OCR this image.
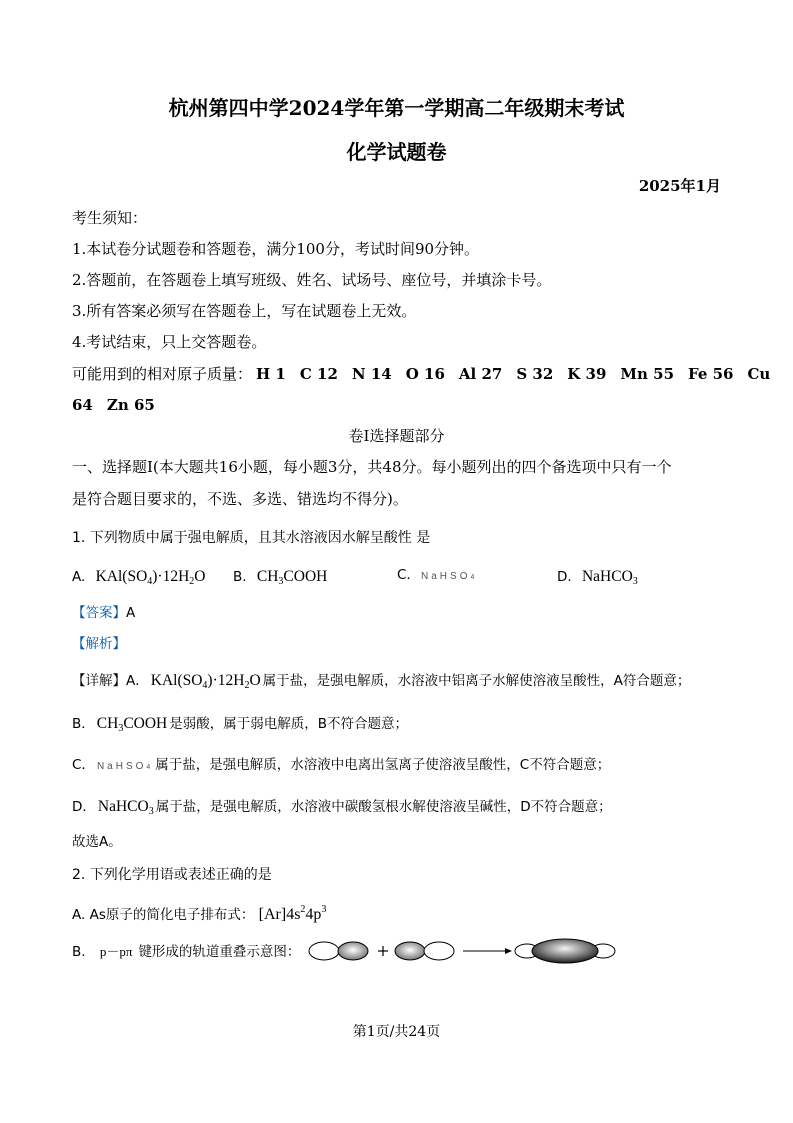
杭州第四中学2024学年第一学期高二年级期末考试
化学试题卷
2025年1月
考生须知：
1.本试卷分试题卷和答题卷，满分100分，考试时间90分钟。
2.答题前，在答题卷上填写班级、姓名、试场号、座位号，并填涂卡号。
3.所有答案必须写在答题卷上，写在试题卷上无效。
4.考试结束，只上交答题卷。
可能用到的相对原子质量： H 1 C 12 N 14 O 16 Al 27 S 32 K 39 Mn 55 Fe 56 Cu
64 Zn 65
卷I选择题部分
一、选择题I(本大题共16小题，每小题3分，共48分。每小题列出的四个备选项中只有一个
是符合题目要求的，不选、多选、错选均不得分)。
1. 下列物质中属于强电解质，且其水溶液因水解呈酸性 是
A. $KAl(SO_4)\cdot 12H_2O$ B. $CH_3COOH$	C. NaHSO4	D. NaHCO$_3$
【答案】A
【解析】
【详解】A． $KAl(SO_4)\cdot 12H_2O$ 属于盐，是强电解质，水溶液中铝离子水解使溶液呈酸性，A符合题意；
B． $CH_3COOH$ 是弱酸，属于弱电解质，B不符合题意；
C． NaHSO4 属于盐，是强电解质，水溶液中电离出氢离子使溶液呈酸性，C不符合题意；
D． NaHCO$_3$ 属于盐，是强电解质，水溶液中碳酸氢根水解使溶液呈碱性，D不符合题意；
故选A。
2. 下列化学用语或表述正确的是
A. As原子的简化电子排布式： $[Ar]4s^24p^3$
B. p－pπ 键形成的轨道重叠示意图：
第1页/共24页
